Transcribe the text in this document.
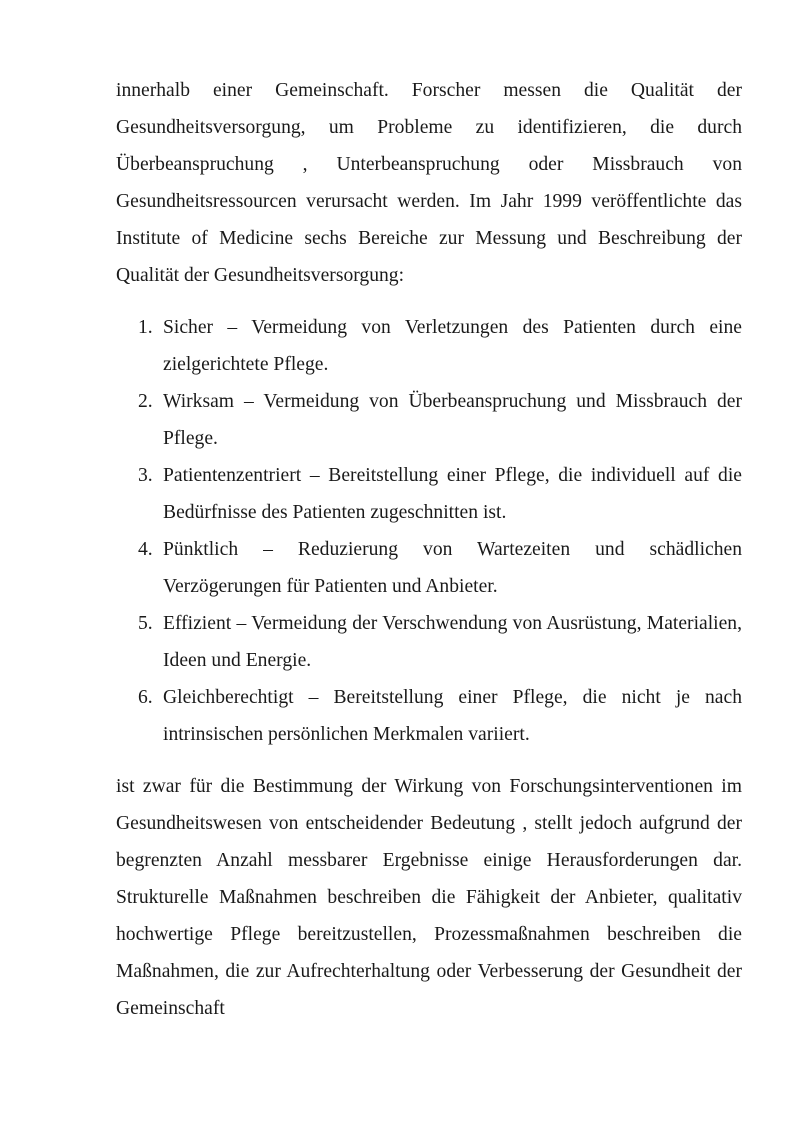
innerhalb einer Gemeinschaft. Forscher messen die Qualität der Gesundheitsversorgung, um Probleme zu identifizieren, die durch Überbeanspruchung , Unterbeanspruchung oder Missbrauch von Gesundheitsressourcen verursacht werden. Im Jahr 1999 veröffentlichte das Institute of Medicine sechs Bereiche zur Messung und Beschreibung der Qualität der Gesundheitsversorgung:

1. Sicher – Vermeidung von Verletzungen des Patienten durch eine zielgerichtete Pflege.
2. Wirksam – Vermeidung von Überbeanspruchung und Missbrauch der Pflege.
3. Patientenzentriert – Bereitstellung einer Pflege, die individuell auf die Bedürfnisse des Patienten zugeschnitten ist.
4. Pünktlich – Reduzierung von Wartezeiten und schädlichen Verzögerungen für Patienten und Anbieter.
5. Effizient – Vermeidung der Verschwendung von Ausrüstung, Materialien, Ideen und Energie.
6. Gleichberechtigt – Bereitstellung einer Pflege, die nicht je nach intrinsischen persönlichen Merkmalen variiert.

ist zwar für die Bestimmung der Wirkung von Forschungsinterventionen im Gesundheitswesen von entscheidender Bedeutung , stellt jedoch aufgrund der begrenzten Anzahl messbarer Ergebnisse einige Herausforderungen dar. Strukturelle Maßnahmen beschreiben die Fähigkeit der Anbieter, qualitativ hochwertige Pflege bereitzustellen, Prozessmaßnahmen beschreiben die Maßnahmen, die zur Aufrechterhaltung oder Verbesserung der Gesundheit der Gemeinschaft
